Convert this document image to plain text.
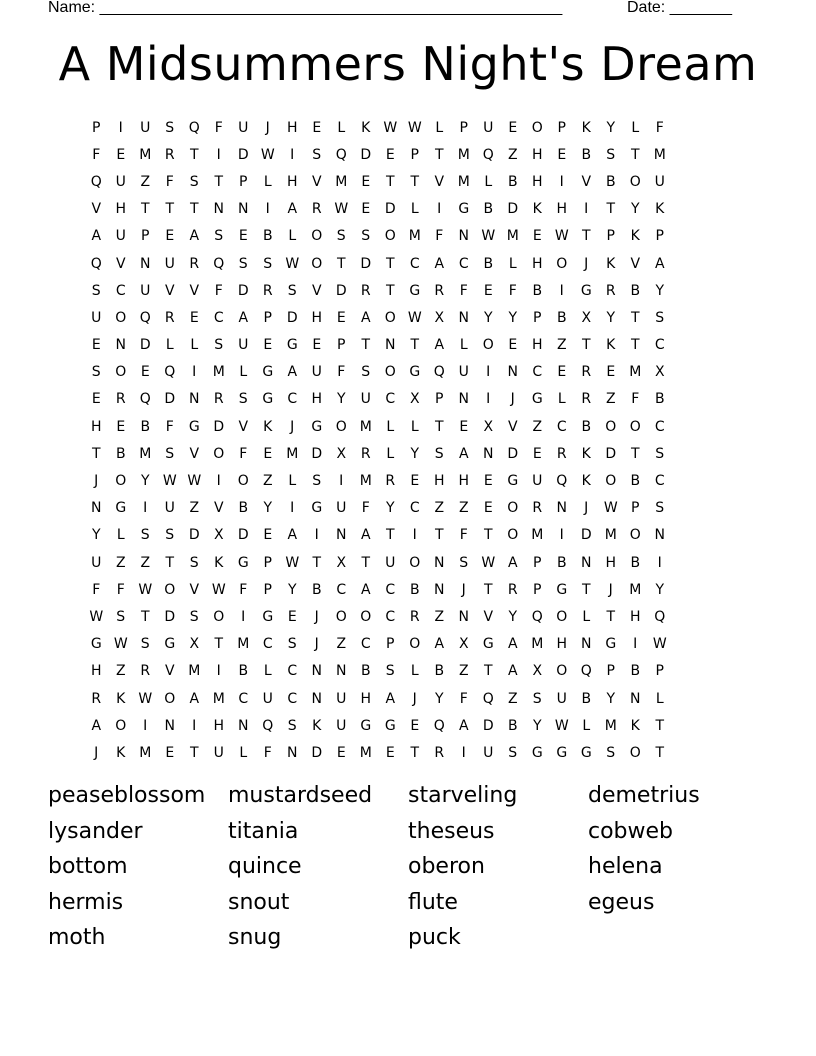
Name: ____________________________________________________	Date: _______
A Midsummers Night's Dream
P	I	U	S	Q	F	U	J	H	E	L	K W W L	P	U	E	O	P	K	Y	L	F
F	E	M R	T	I	D W	I	S	Q D	E	P	T	M Q	Z	H	E	B	S	T	M
Q U	Z	F	S	T	P	L	H	V M	E	T	T	V M	L	B	H	I	V	B	O U
V	H	T	T	T	N	N	I	A	R W E	D	L	I	G	B	D	K	H	I	T	Y	K
A	U	P	E	A	S	E	B	L	O	S	S	O M	F	N W M	E W T	P	K	P
Q	V	N	U	R	Q	S	S W O	T	D	T	C	A	C	B	L	H O	J	K	V	A
S	C	U	V	V	F	D	R	S	V	D	R	T	G	R	F	E	F	B	I	G	R	B	Y
U O Q	R	E	C	A	P	D H	E	A	O W X	N	Y	Y	P	B	X	Y	T	S
E	N D	L	L	S	U	E	G	E	P	T	N	T	A	L	O	E	H	Z	T	K	T	C
S	O	E	Q	I	M	L	G	A	U	F	S	O G Q U	I	N	C	E	R	E	M X
E	R	Q D N	R	S	G	C	H	Y	U	C	X	P	N	I	J	G	L	R	Z	F	B
H	E	B	F	G D	V	K	J	G O M	L	L	T	E	X	V	Z	C	B	O O	C
T	B M	S	V	O	F	E	M D	X	R	L	Y	S	A	N D	E	R	K	D	T	S
J	O	Y W W	I	O	Z	L	S	I	M R	E	H H	E	G U Q	K	O	B	C
N G	I	U	Z	V	B	Y	I	G U	F	Y	C	Z	Z	E	O	R	N	J	W P	S
Y	L	S	S	D	X	D	E	A	I	N	A	T	I	T	F	T	O M	I	D M O N
U	Z	Z	T	S	K	G	P W T	X	T	U O N	S W A	P	B	N	H	B	I
F	F W O	V W F	P	Y	B	C	A	C	B	N	J	T	R	P	G	T	J	M	Y
W S	T	D	S	O	I	G	E	J	O O	C	R	Z	N	V	Y	Q O	L	T	H Q
G W S	G	X	T	M C	S	J	Z	C	P	O	A	X	G	A M H N G	I	W
H	Z	R	V M	I	B	L	C	N	N	B	S	L	B	Z	T	A	X	O Q	P	B	P
R	K W O	A M C	U	C	N	U	H	A	J	Y	F	Q	Z	S	U	B	Y	N	L
A	O	I	N	I	H N Q	S	K	U G G	E	Q	A	D	B	Y W L	M K	T
J	K M	E	T	U	L	F	N D	E	M	E	T	R	I	U	S	G G G	S	O	T
peaseblossom	mustardseed	starveling	demetrius
lysander	titania	theseus	cobweb
bottom	quince	oberon	helena
hermis	snout	flute	egeus
moth	snug	puck
